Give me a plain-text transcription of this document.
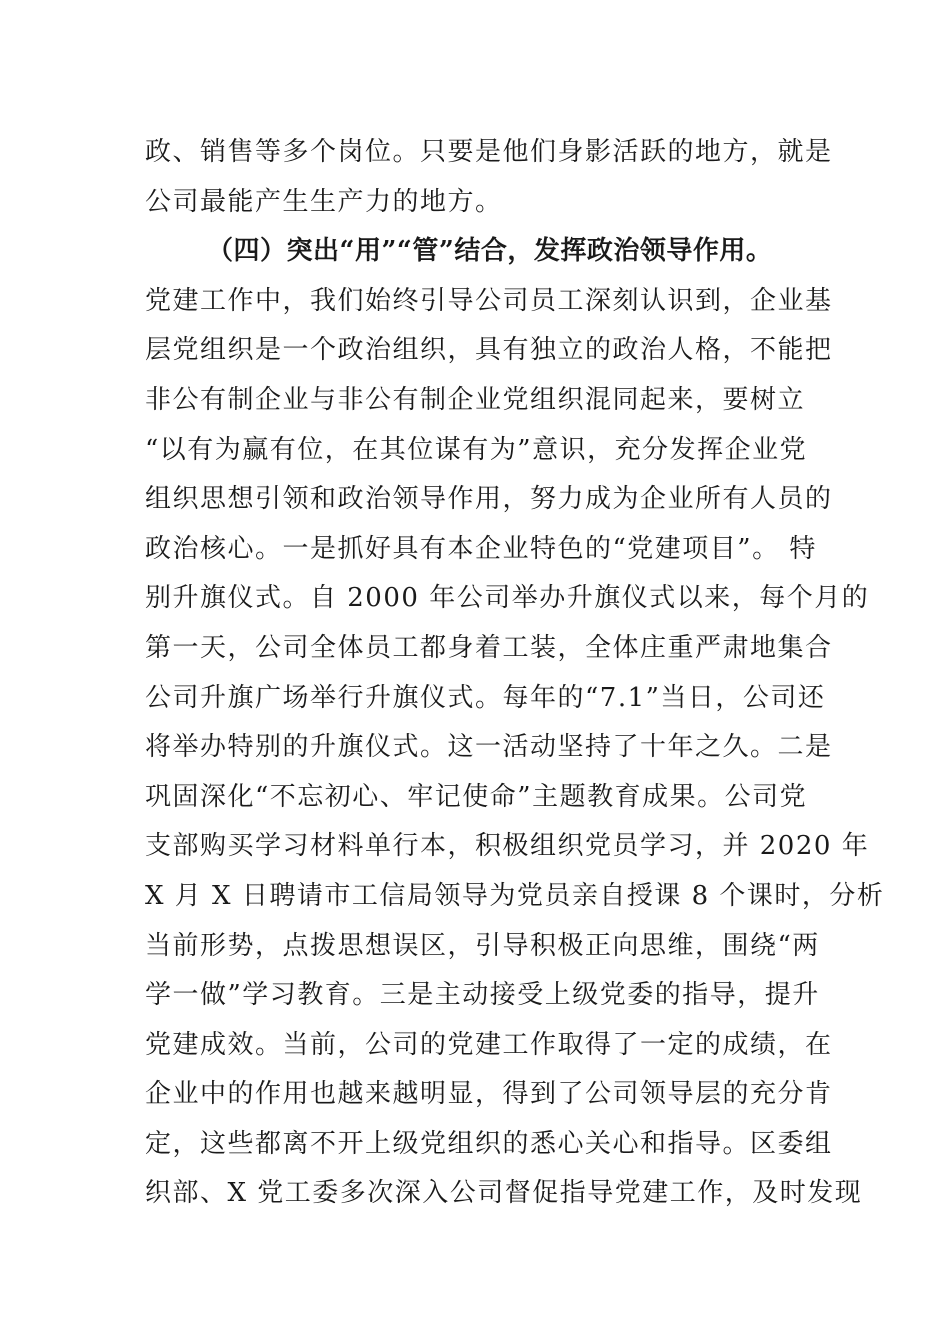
政、销售等多个岗位。只要是他们身影活跃的地方，就是
公司最能产生生产力的地方。
（四）突出“用”“管”结合，发挥政治领导作用。
党建工作中，我们始终引导公司员工深刻认识到，企业基
层党组织是一个政治组织，具有独立的政治人格，不能把
非公有制企业与非公有制企业党组织混同起来，要树立
“以有为赢有位，在其位谋有为”意识，充分发挥企业党
组织思想引领和政治领导作用，努力成为企业所有人员的
政治核心。一是抓好具有本企业特色的“党建项目”。 特
别升旗仪式。自 2000 年公司举办升旗仪式以来，每个月的
第一天，公司全体员工都身着工装，全体庄重严肃地集合
公司升旗广场举行升旗仪式。每年的“7.1”当日，公司还
将举办特别的升旗仪式。这一活动坚持了十年之久。二是
巩固深化“不忘初心、牢记使命”主题教育成果。公司党
支部购买学习材料单行本，积极组织党员学习，并 2020 年
X 月 X 日聘请市工信局领导为党员亲自授课 8 个课时，分析
当前形势，点拨思想误区，引导积极正向思维，围绕“两
学一做”学习教育。三是主动接受上级党委的指导，提升
党建成效。当前，公司的党建工作取得了一定的成绩，在
企业中的作用也越来越明显，得到了公司领导层的充分肯
定，这些都离不开上级党组织的悉心关心和指导。区委组
织部、X 党工委多次深入公司督促指导党建工作，及时发现
